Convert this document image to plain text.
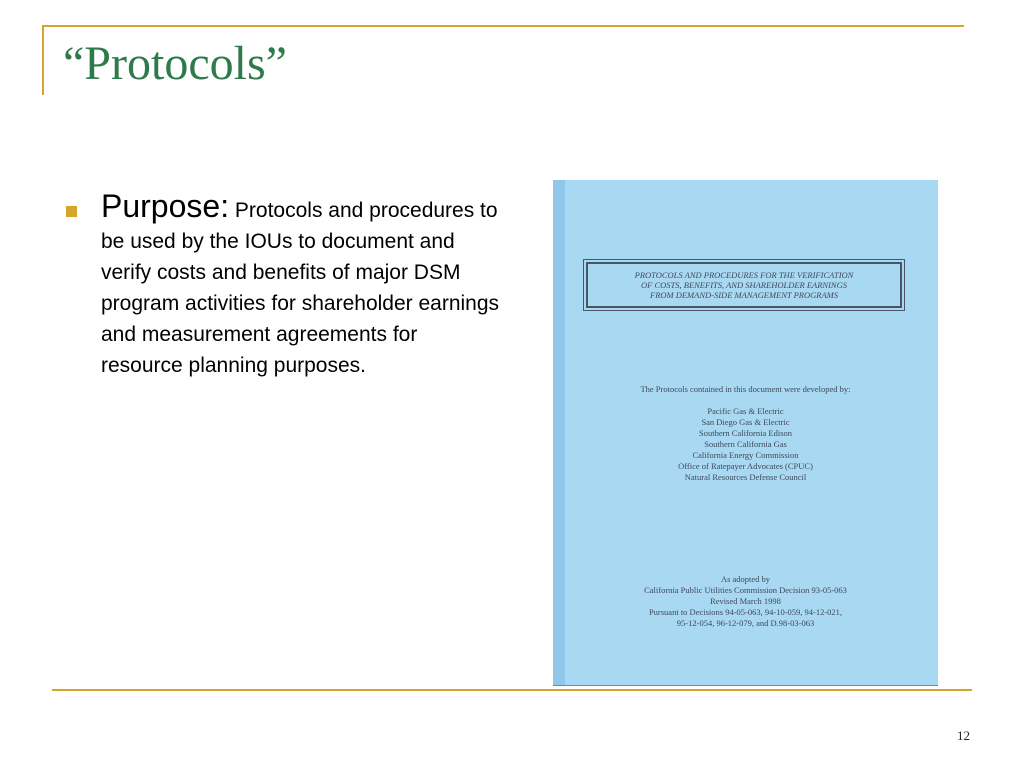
“Protocols”
Purpose: Protocols and procedures to be used by the IOUs to document and verify costs and benefits of major DSM program activities for shareholder earnings and measurement agreements for resource planning purposes.
PROTOCOLS AND PROCEDURES FOR THE VERIFICATION
OF COSTS, BENEFITS, AND SHAREHOLDER EARNINGS
FROM DEMAND-SIDE MANAGEMENT PROGRAMS
The Protocols contained in this document were developed by:
Pacific Gas & Electric
San Diego Gas & Electric
Southern California Edison
Southern California Gas
California Energy Commission
Office of Ratepayer Advocates (CPUC)
Natural Resources Defense Council
As adopted by
California Public Utilities Commission Decision 93-05-063
Revised March 1998
Pursuant to Decisions 94-05-063, 94-10-059, 94-12-021,
95-12-054, 96-12-079, and D.98-03-063
12
